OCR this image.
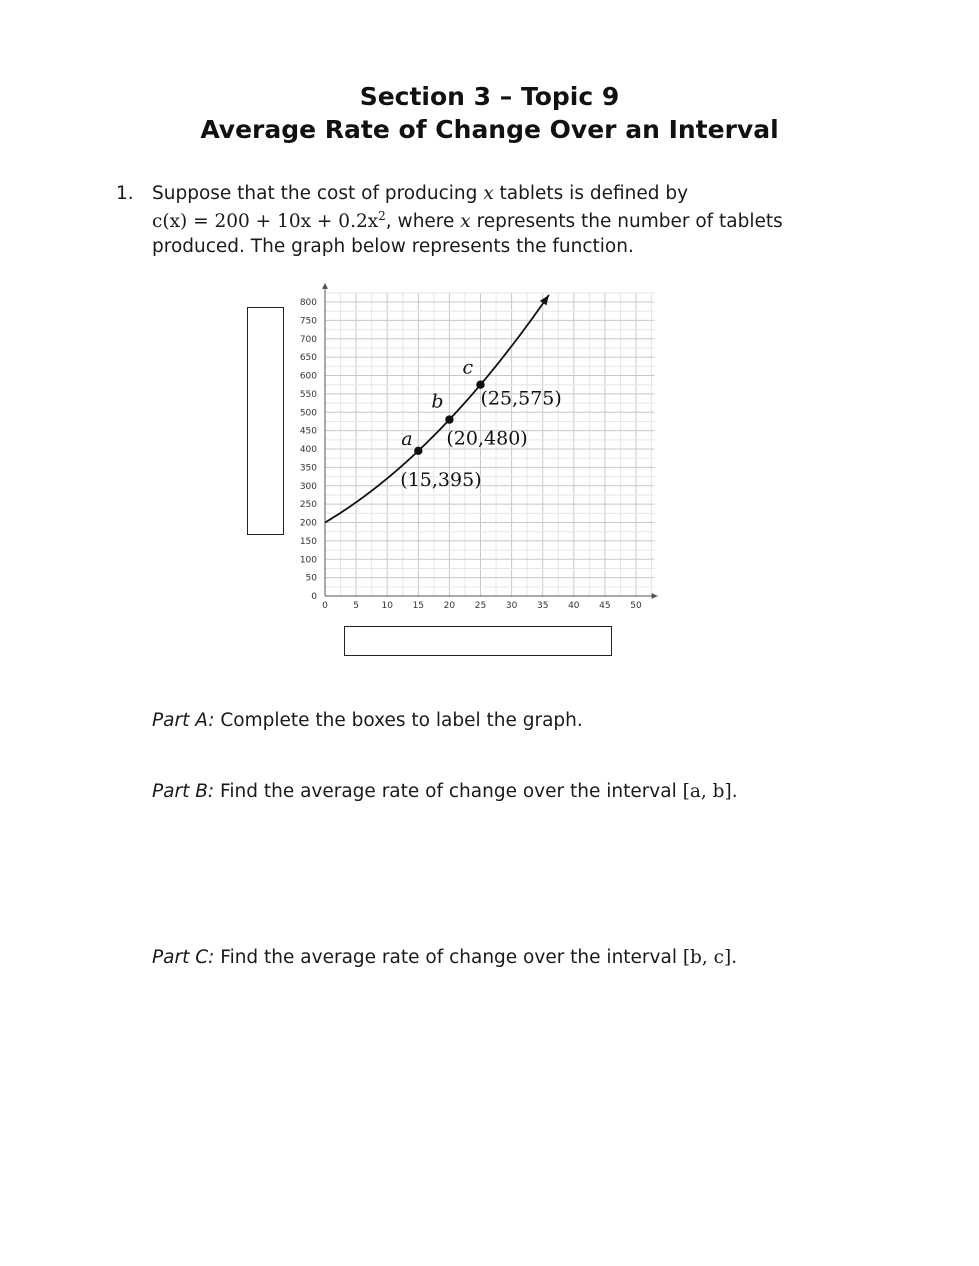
Section 3 – Topic 9
Average Rate of Change Over an Interval
1. Suppose that the cost of producing x tablets is defined by
$c(x) = 200 + 10x + 0.2x^2$, where x represents the number of tablets
produced. The graph below represents the function.
0	5	10 15 20 25 30 35 40 45 50
0
50
100
150
200
250
300
350
400
450
500
550
600
650
700
750
800
a
(15,395)
b
(20,480)
c
(25,575)
Part A: Complete the boxes to label the graph.
Part B: Find the average rate of change over the interval [a, b].
Part C: Find the average rate of change over the interval [b, c].
